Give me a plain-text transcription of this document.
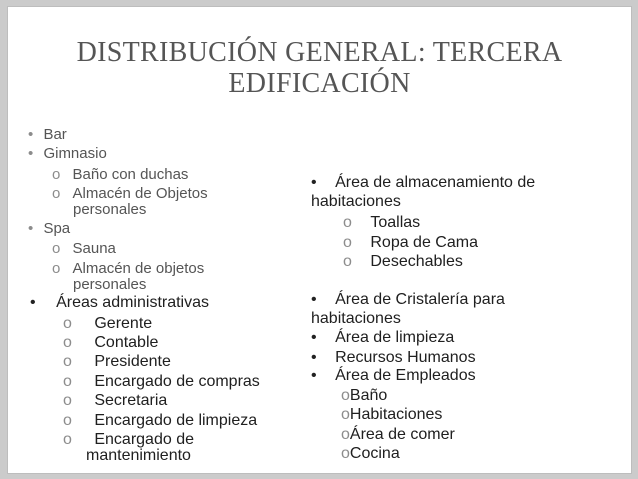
DISTRIBUCIÓN GENERAL: TERCERA
EDIFICACIÓN
• Bar
• Gimnasio
o Baño con duchas
o Almacén de Objetos
personales
• Spa
o Sauna
o Almacén de objetos
personales
• Áreas administrativas
o Gerente
o Contable
o Presidente
o Encargado de compras
o Secretaria
o Encargado de limpieza
o Encargado de
mantenimiento
• Área de almacenamiento de
habitaciones
o Toallas
o Ropa de Cama
o Desechables
• Área de Cristalería para
habitaciones
• Área de limpieza
• Recursos Humanos
• Área de Empleados
oBaño
oHabitaciones
oÁrea de comer
oCocina
